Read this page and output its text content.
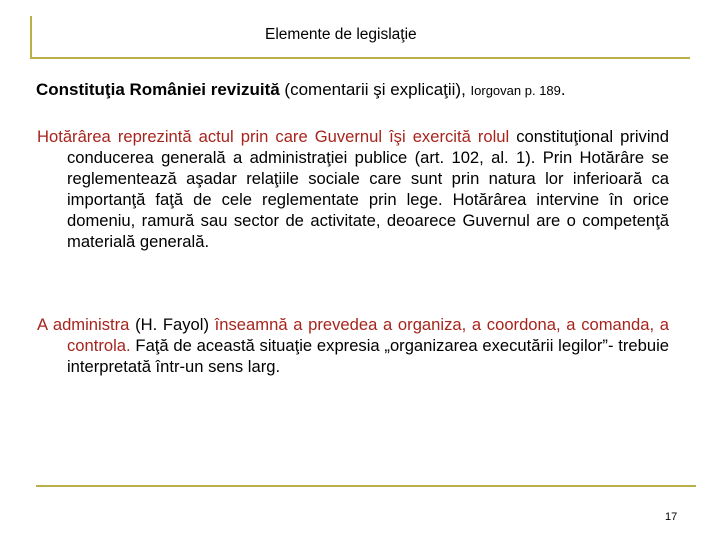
Elemente de legislaţie
Constituţia României revizuită (comentarii şi explicaţii), Iorgovan p. 189.
Hotărârea reprezintă actul prin care Guvernul îşi exercită rolul constituţional privind conducerea generală a administraţiei publice (art. 102, al. 1). Prin Hotărâre se reglementează aşadar relaţiile sociale care sunt prin natura lor inferioară ca importanţă faţă de cele reglementate prin lege. Hotărârea intervine în orice domeniu, ramură sau sector de activitate, deoarece Guvernul are o competenţă materială generală.
A administra (H. Fayol) înseamnă a prevedea a organiza, a coordona, a comanda, a controla. Faţă de această situaţie expresia „organizarea executării legilor”- trebuie interpretată într-un sens larg.
17
